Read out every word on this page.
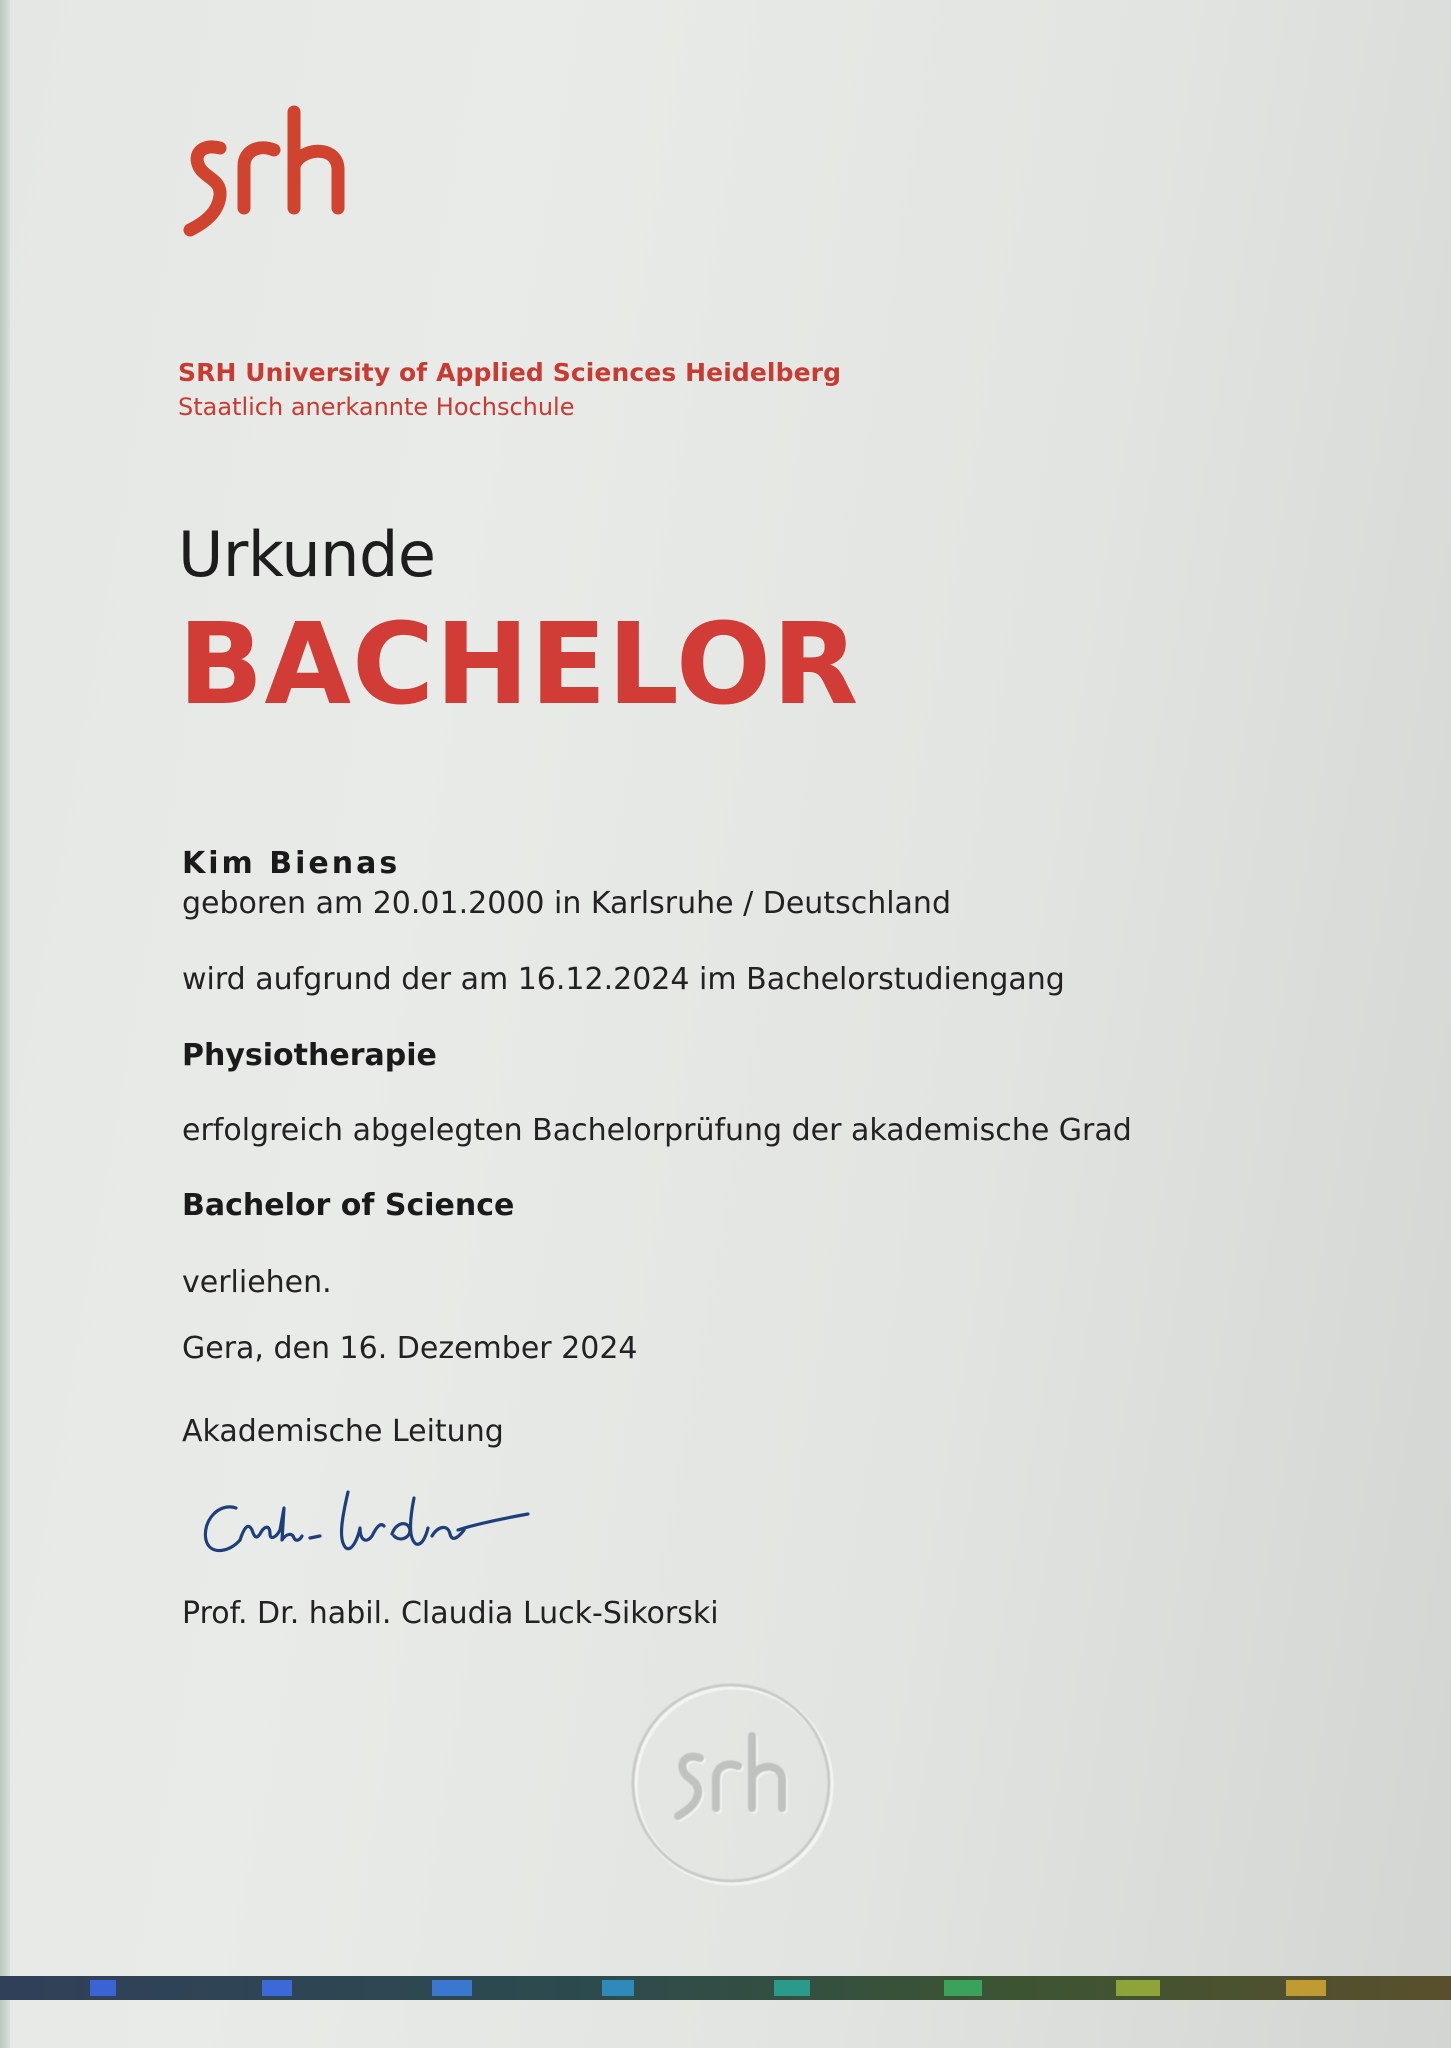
SRH University of Applied Sciences Heidelberg
Staatlich anerkannte Hochschule
Urkunde
BACHELOR
Kim Bienas
geboren am 20.01.2000 in Karlsruhe / Deutschland
wird aufgrund der am 16.12.2024 im Bachelorstudiengang
Physiotherapie
erfolgreich abgelegten Bachelorprüfung der akademische Grad
Bachelor of Science
verliehen.
Gera, den 16. Dezember 2024
Akademische Leitung
Prof. Dr. habil. Claudia Luck-Sikorski
